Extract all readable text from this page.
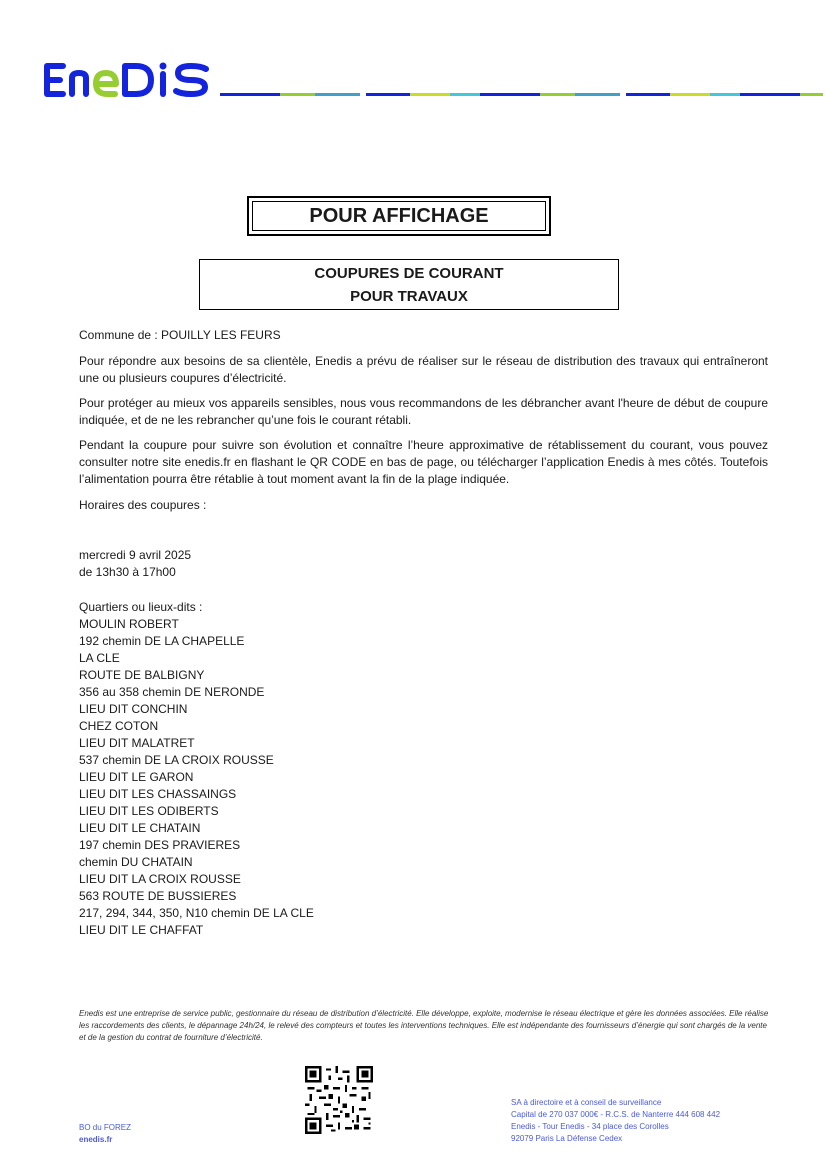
POUR AFFICHAGE
COUPURES DE COURANT
POUR TRAVAUX
Commune de : POUILLY LES FEURS
Pour répondre aux besoins de sa clientèle, Enedis a prévu de réaliser sur le réseau de distribution des travaux qui entraîneront une ou plusieurs coupures d’électricité.
Pour protéger au mieux vos appareils sensibles, nous vous recommandons de les débrancher avant l'heure de début de coupure indiquée, et de ne les rebrancher qu’une fois le courant rétabli.
Pendant la coupure pour suivre son évolution et connaître l’heure approximative de rétablissement du courant, vous pouvez consulter notre site enedis.fr en flashant le QR CODE en bas de page, ou télécharger l’application Enedis à mes côtés. Toutefois l’alimentation pourra être rétablie à tout moment avant la fin de la plage indiquée.
Horaires des coupures :
mercredi 9 avril 2025
de 13h30 à 17h00
Quartiers ou lieux-dits :
MOULIN ROBERT
192 chemin DE LA CHAPELLE
LA CLE
ROUTE DE BALBIGNY
356 au 358 chemin DE NERONDE
LIEU DIT CONCHIN
CHEZ COTON
LIEU DIT MALATRET
537 chemin DE LA CROIX ROUSSE
LIEU DIT LE GARON
LIEU DIT LES CHASSAINGS
LIEU DIT LES ODIBERTS
LIEU DIT LE CHATAIN
197 chemin DES PRAVIERES
chemin DU CHATAIN
LIEU DIT LA CROIX ROUSSE
563 ROUTE DE BUSSIERES
217, 294, 344, 350, N10 chemin DE LA CLE
LIEU DIT LE CHAFFAT
Enedis est une entreprise de service public, gestionnaire du réseau de distribution d’électricité. Elle développe, exploite, modernise le réseau électrique et gère les données associées. Elle réalise les raccordements des clients, le dépannage 24h/24, le relevé des compteurs et toutes les interventions techniques. Elle est indépendante des fournisseurs d’énergie qui sont chargés de la vente et de la gestion du contrat de fourniture d’électricité.
SA à directoire et à conseil de surveillance
Capital de 270 037 000€ - R.C.S. de Nanterre 444 608 442
Enedis - Tour Enedis - 34 place des Corolles
92079 Paris La Défense Cedex
BO du FOREZ
enedis.fr
